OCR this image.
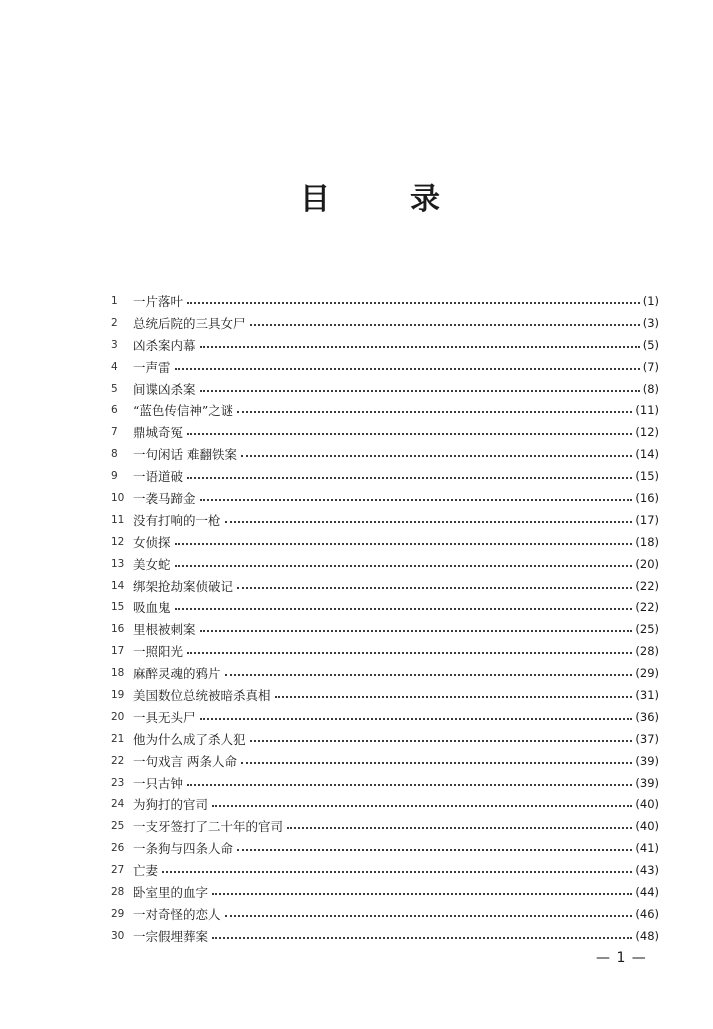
目	录
1	一片落叶	(1)
2	总统后院的三具女尸	(3)
3	凶杀案内幕	(5)
4	一声雷	(7)
5	间谍凶杀案	(8)
6	“蓝色传信神”之谜	(11)
7	鼎城奇冤	(12)
8	一句闲话 难翻铁案	(14)
9	一语道破	(15)
10 一袭马蹄金	(16)
11 没有打响的一枪	(17)
12 女侦探	(18)
13 美女蛇	(20)
14 绑架抢劫案侦破记	(22)
15 吸血鬼	(22)
16 里根被刺案	(25)
17 一照阳光	(28)
18 麻醉灵魂的鸦片	(29)
19 美国数位总统被暗杀真相	(31)
20 一具无头尸	(36)
21 他为什么成了杀人犯	(37)
22 一句戏言 两条人命	(39)
23 一只古钟	(39)
24 为狗打的官司	(40)
25 一支牙签打了二十年的官司	(40)
26 一条狗与四条人命	(41)
27 亡妻	(43)
28 卧室里的血字	(44)
29 一对奇怪的恋人	(46)
30 一宗假埋葬案	(48)
— 1 —
